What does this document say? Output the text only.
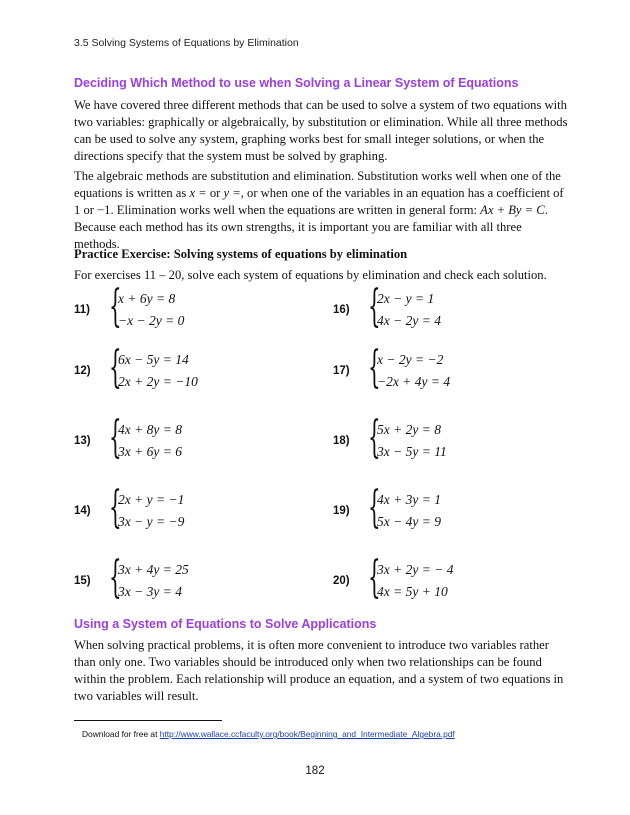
3.5 Solving Systems of Equations by Elimination
Deciding Which Method to use when Solving a Linear System of Equations
We have covered three different methods that can be used to solve a system of two equations with two variables: graphically or algebraically, by substitution or elimination. While all three methods can be used to solve any system, graphing works best for small integer solutions, or when the directions specify that the system must be solved by graphing.
The algebraic methods are substitution and elimination. Substitution works well when one of the equations is written as x = or y =, or when one of the variables in an equation has a coefficient of 1 or −1. Elimination works well when the equations are written in general form: Ax + By = C. Because each method has its own strengths, it is important you are familiar with all three methods.
Practice Exercise: Solving systems of equations by elimination
For exercises 11 – 20, solve each system of equations by elimination and check each solution.
11) {
x + 6y = 8
−x − 2y = 0
12) {
6x − 5y = 14
2x + 2y = −10
13) {
4x + 8y = 8
3x + 6y = 6
14) {
2x + y = −1
3x − y = −9
15) {
3x + 4y = 25
3x − 3y = 4
16) {
2x − y = 1
4x − 2y = 4
17) {
x − 2y = −2
−2x + 4y = 4
18) {
5x + 2y = 8
3x − 5y = 11
19) {
4x + 3y = 1
5x − 4y = 9
20) {
3x + 2y = − 4
4x = 5y + 10
Using a System of Equations to Solve Applications
When solving practical problems, it is often more convenient to introduce two variables rather than only one. Two variables should be introduced only when two relationships can be found within the problem. Each relationship will produce an equation, and a system of two equations in two variables will result.
Download for free at http://www.wallace.ccfaculty.org/book/Beginning_and_Intermediate_Algebra.pdf
182
